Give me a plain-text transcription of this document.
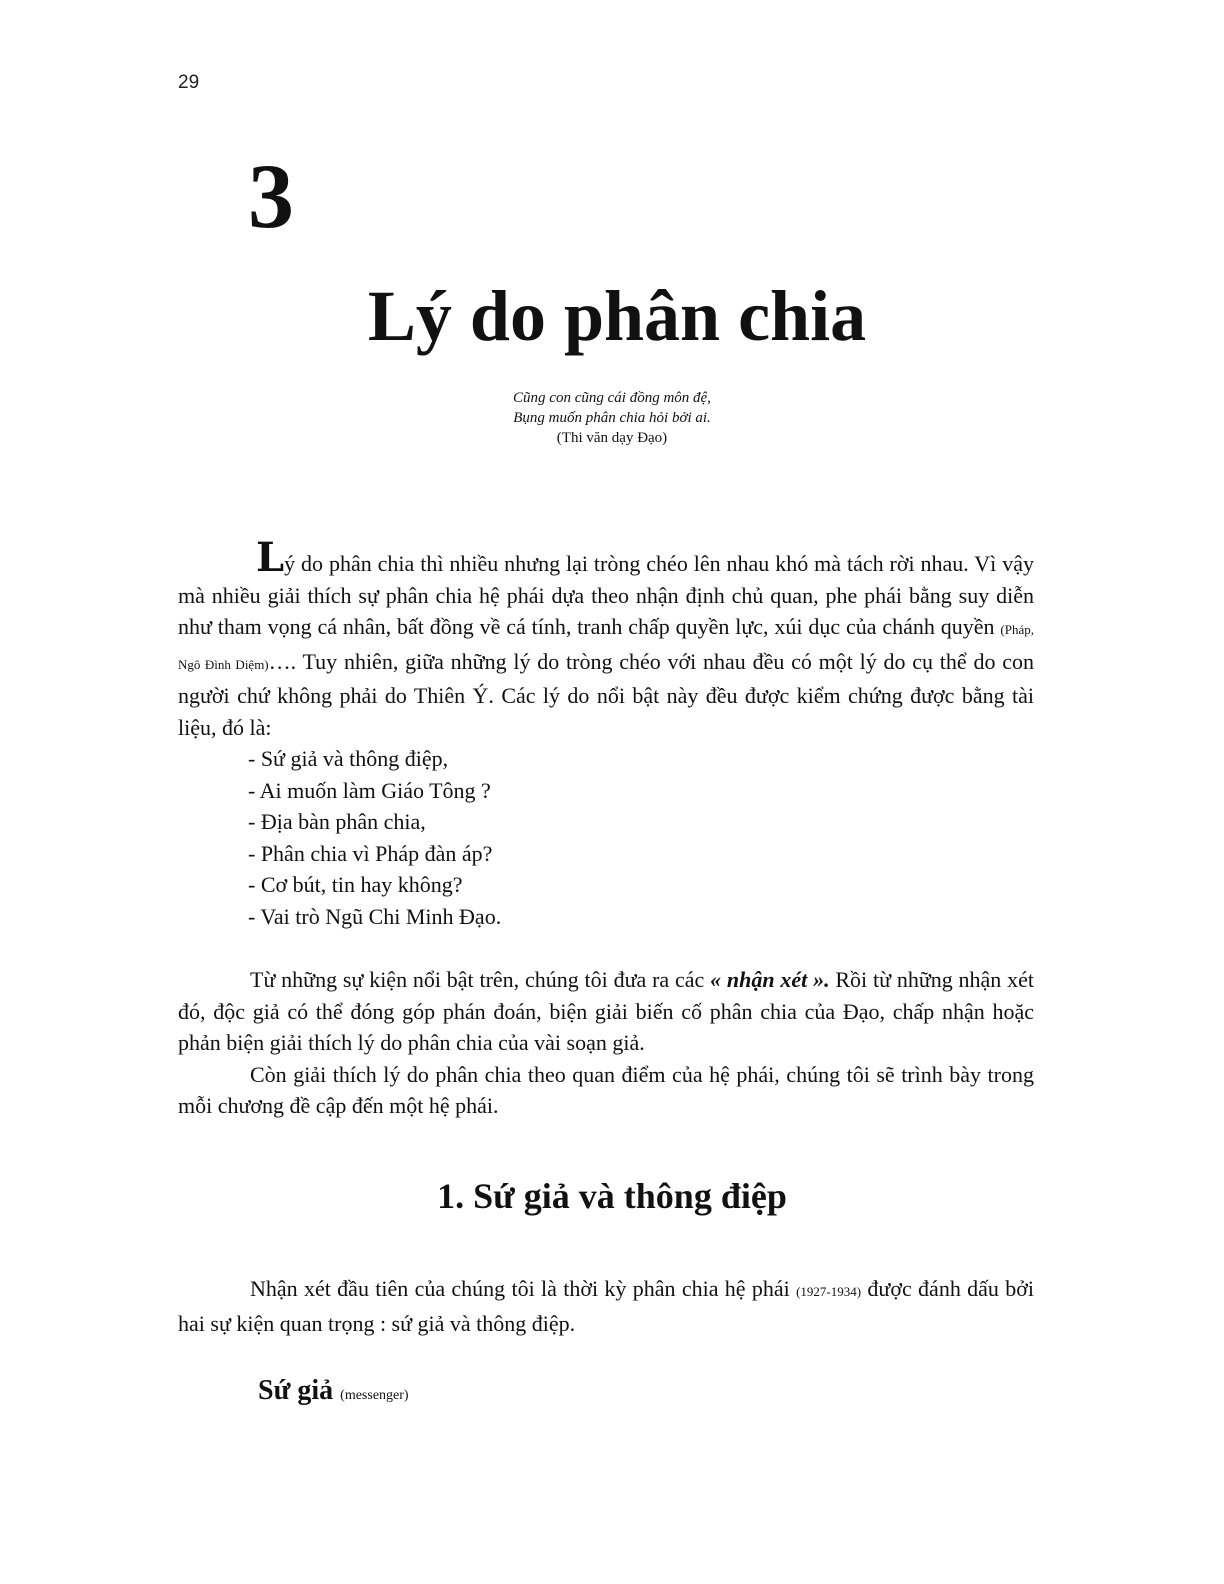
29
3
Lý do phân chia
Cũng con cũng cái đồng môn đệ,
Bụng muốn phân chia hỏi bởi ai.
(Thi văn dạy Đạo)

Lý do phân chia thì nhiều nhưng lại tròng chéo lên nhau khó mà tách rời nhau. Vì vậy mà nhiều giải thích sự phân chia hệ phái dựa theo nhận định chủ quan, phe phái bằng suy diễn như tham vọng cá nhân, bất đồng về cá tính, tranh chấp quyền lực, xúi dục của chánh quyền (Pháp, Ngô Đình Diệm)…. Tuy nhiên, giữa những lý do tròng chéo với nhau đều có một lý do cụ thể do con người chứ không phải do Thiên Ý. Các lý do nổi bật này đều được kiểm chứng được bằng tài liệu, đó là:

- Sứ giả và thông điệp,
- Ai muốn làm Giáo Tông ?
- Địa bàn phân chia,
- Phân chia vì Pháp đàn áp?
- Cơ bút, tin hay không?
- Vai trò Ngũ Chi Minh Đạo.

Từ những sự kiện nổi bật trên, chúng tôi đưa ra các « nhận xét ». Rồi từ những nhận xét đó, độc giả có thể đóng góp phán đoán, biện giải biến cố phân chia của Đạo, chấp nhận hoặc phản biện giải thích lý do phân chia của vài soạn giả.

Còn giải thích lý do phân chia theo quan điểm của hệ phái, chúng tôi sẽ trình bày trong mỗi chương đề cập đến một hệ phái.

1. Sứ giả và thông điệp

Nhận xét đầu tiên của chúng tôi là thời kỳ phân chia hệ phái (1927-1934) được đánh dấu bởi hai sự kiện quan trọng : sứ giả và thông điệp.

Sứ giả (messenger)
